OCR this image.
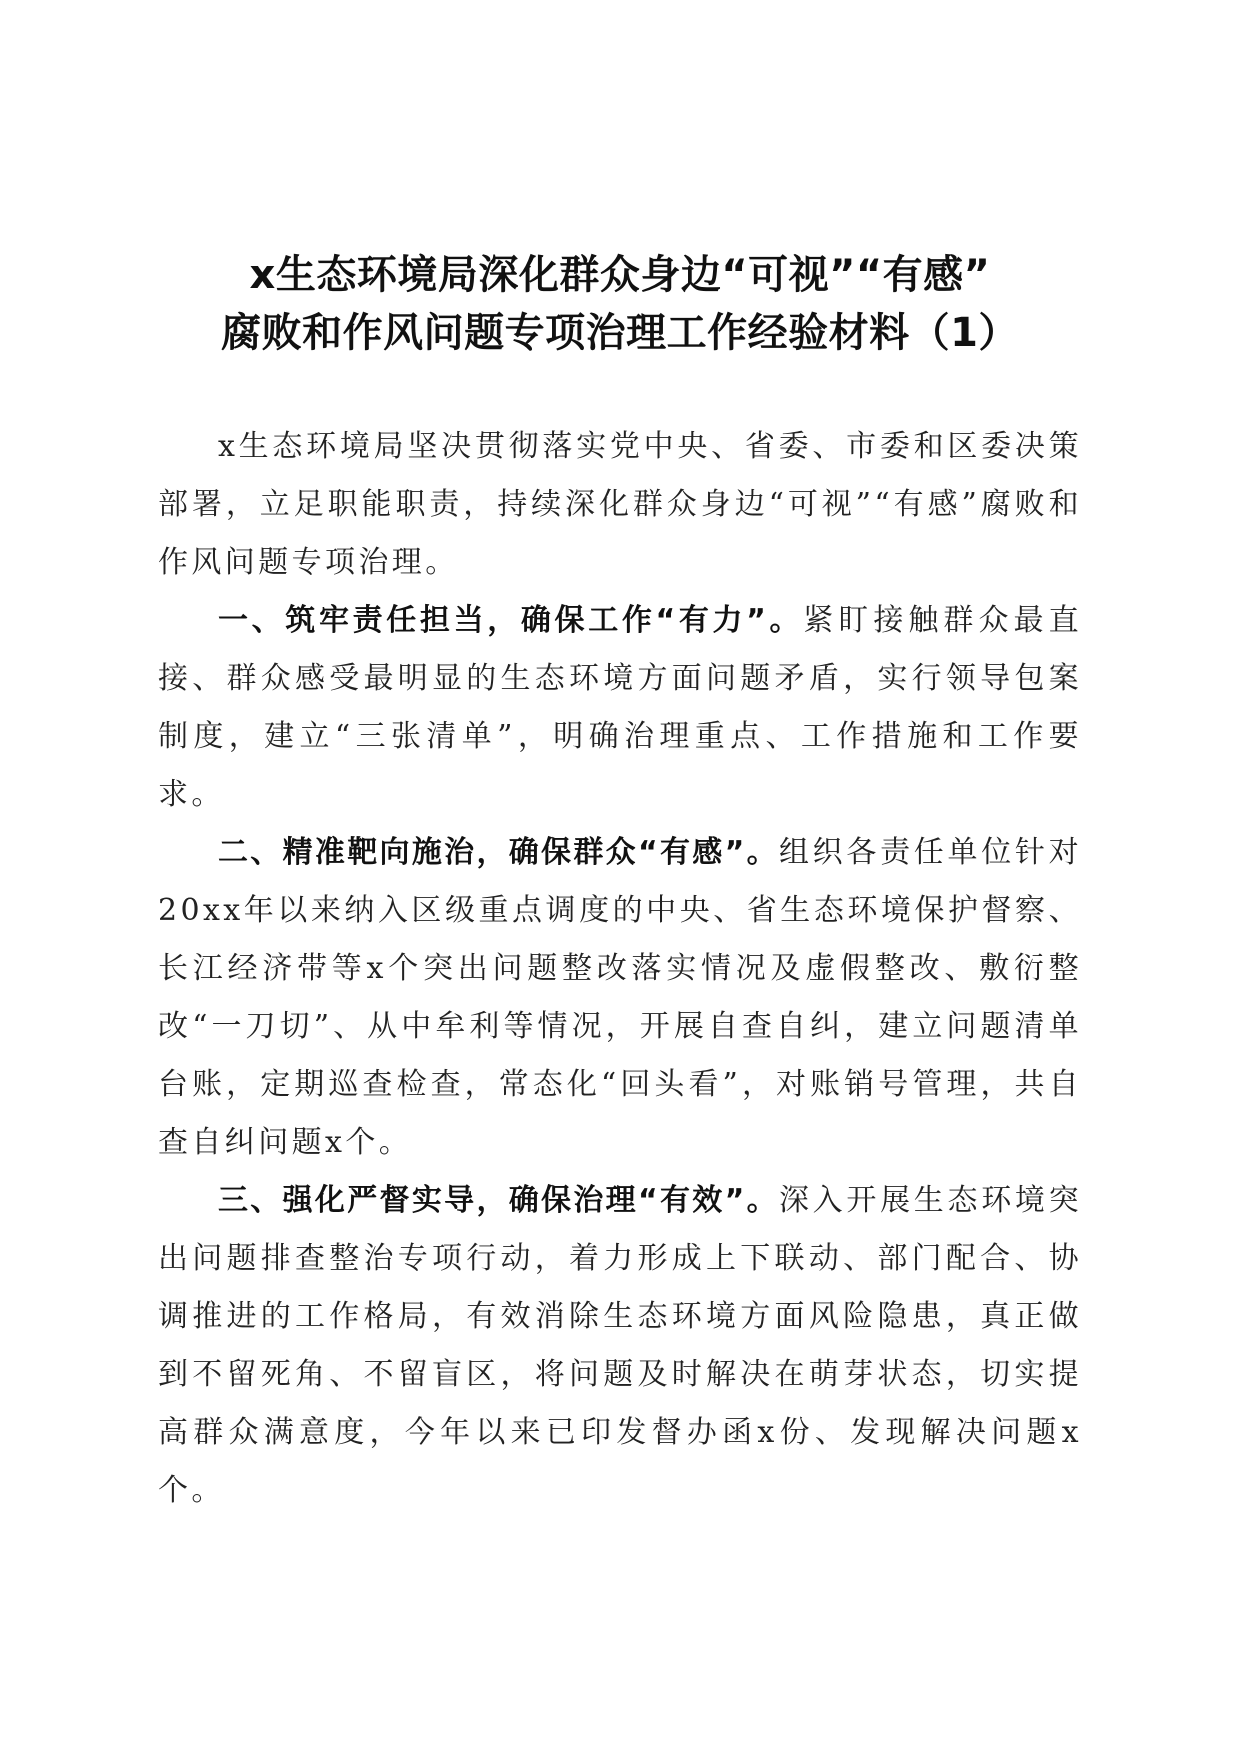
x生态环境局深化群众身边“可视”“有感”
腐败和作风问题专项治理工作经验材料（1）

x生态环境局坚决贯彻落实党中央、省委、市委和区委决策部署，立足职能职责，持续深化群众身边“可视”“有感”腐败和作风问题专项治理。

一、筑牢责任担当，确保工作“有力”。紧盯接触群众最直接、群众感受最明显的生态环境方面问题矛盾，实行领导包案制度，建立“三张清单”，明确治理重点、工作措施和工作要求。

二、精准靶向施治，确保群众“有感”。组织各责任单位针对20xx年以来纳入区级重点调度的中央、省生态环境保护督察、长江经济带等x个突出问题整改落实情况及虚假整改、敷衍整改“一刀切”、从中牟利等情况，开展自查自纠，建立问题清单台账，定期巡查检查，常态化“回头看”，对账销号管理，共自查自纠问题x个。

三、强化严督实导，确保治理“有效”。深入开展生态环境突出问题排查整治专项行动，着力形成上下联动、部门配合、协调推进的工作格局，有效消除生态环境方面风险隐患，真正做到不留死角、不留盲区，将问题及时解决在萌芽状态，切实提高群众满意度，今年以来已印发督办函x份、发现解决问题x个。
